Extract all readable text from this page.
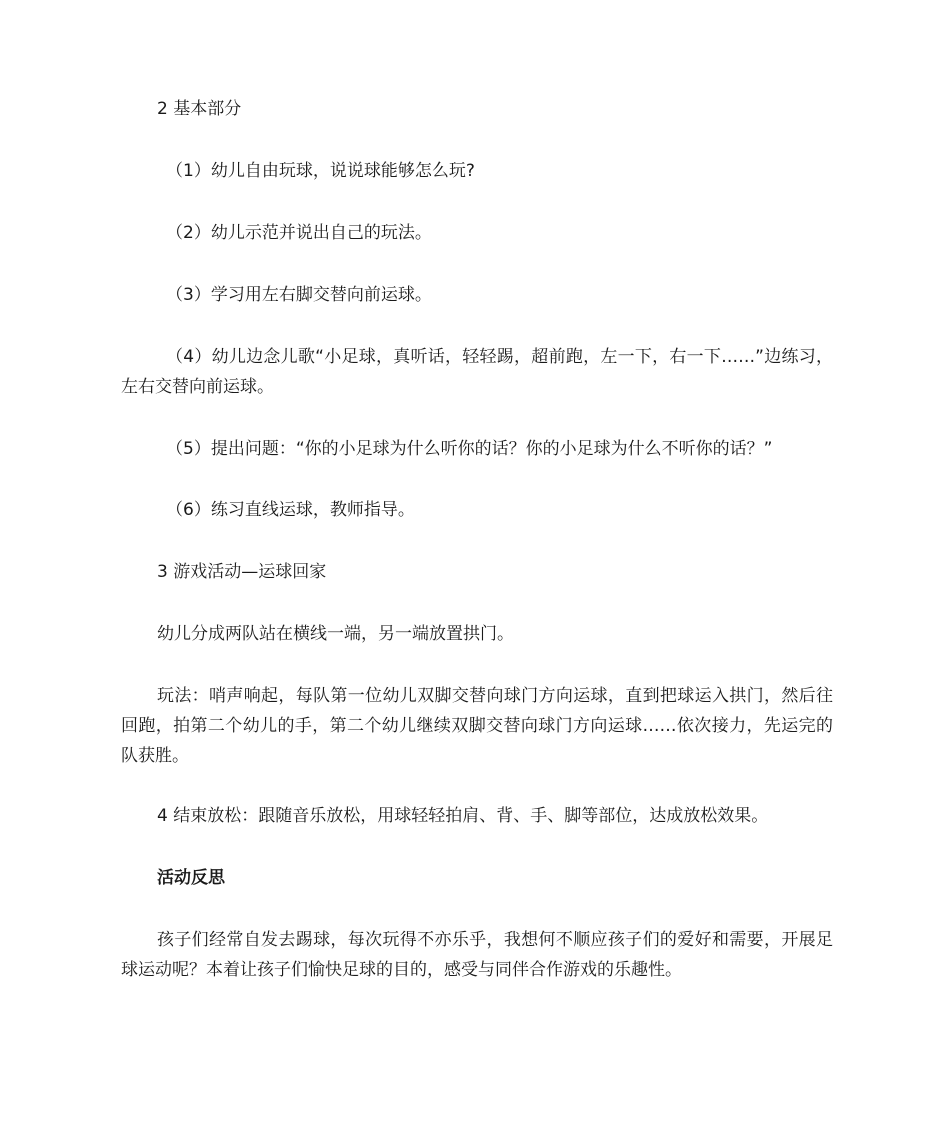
2 基本部分

（1）幼儿自由玩球，说说球能够怎么玩?

（2）幼儿示范并说出自己的玩法。

（3）学习用左右脚交替向前运球。

（4）幼儿边念儿歌“小足球，真听话，轻轻踢，超前跑，左一下，右一下……”边练习，左右交替向前运球。

（5）提出问题：“你的小足球为什么听你的话？你的小足球为什么不听你的话？”

（6）练习直线运球，教师指导。

3 游戏活动—运球回家

幼儿分成两队站在横线一端，另一端放置拱门。

玩法：哨声响起，每队第一位幼儿双脚交替向球门方向运球，直到把球运入拱门，然后往回跑，拍第二个幼儿的手，第二个幼儿继续双脚交替向球门方向运球……依次接力，先运完的队获胜。

4 结束放松：跟随音乐放松，用球轻轻拍肩、背、手、脚等部位，达成放松效果。

活动反思

孩子们经常自发去踢球，每次玩得不亦乐乎，我想何不顺应孩子们的爱好和需要，开展足球运动呢？本着让孩子们愉快足球的目的，感受与同伴合作游戏的乐趣性。
